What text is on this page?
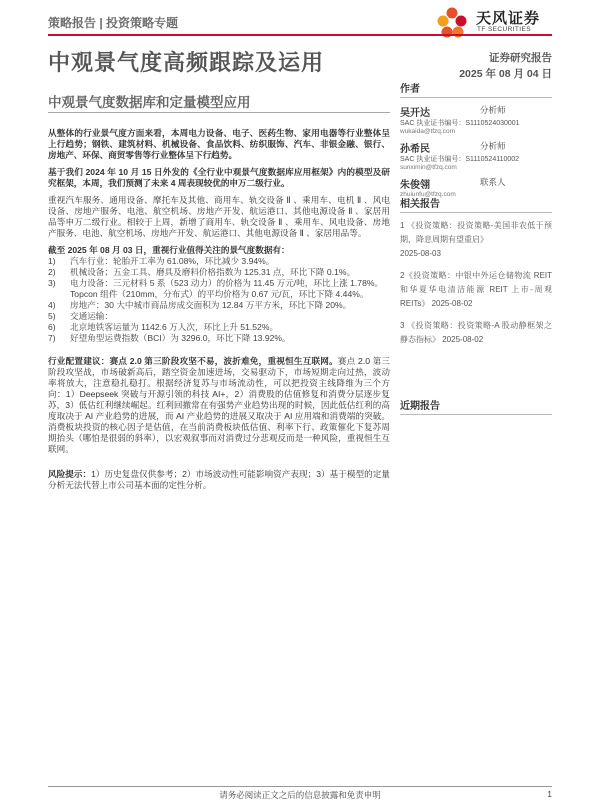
策略报告 | 投资策略专题	天风证券
TF SECURITIES
中观景气度高频跟踪及运用
中观景气度数据库和定量模型应用
证券研究报告
2025 年 08 月 04 日
作者
吴开达	分析师
SAC 执业证书编号：S1110524030001
wukaida@tfzq.com
孙希民	分析师
SAC 执业证书编号：S1110524110002
sunximin@tfzq.com
朱俊翎	联系人
zhuiunfu@tfzq.com
相关报告
1 《投资策略：投资策略-美国非农低于预期，降息周期有望重启》
2025-08-03
2《投资策略：中银中外运仓储物流 REIT 和华夏华电清洁能源 REIT 上市-周观 REITs》 2025-08-02
3 《投资策略：投资策略-A 股动静框架之静态指标》 2025-08-02
近期报告

从整体的行业景气度方面来看，本周电力设备、电子、医药生物、家用电器等行业整体呈上行趋势；钢铁、建筑材料、机械设备、食品饮料、纺织服饰、汽车、非银金融、银行、房地产、环保、商贸零售等行业整体呈下行趋势。

基于我们 2024 年 10 月 15 日外发的《全行业中观景气度数据库应用框架》内的模型及研究框架，本周，我们预测了未来 4 周表现较优的申万二级行业。

重视汽车服务、通用设备、摩托车及其他、商用车、轨交设备 Ⅱ 、乘用车、电机 Ⅱ 、风电设备、房地产服务、电池、航空机场、房地产开发、航运港口、其他电源设备 Ⅱ 、家居用品等申万二级行业。相较于上周，新增了商用车、轨交设备 Ⅱ 、乘用车、风电设备、房地产服务、电池、航空机场、房地产开发、航运港口、其他电源设备 Ⅱ 、家居用品等。

截至 2025 年 08 月 03 日，重视行业值得关注的景气度数据有：

1) 汽车行业：轮胎开工率为 61.08%，环比减少 3.94%。
2) 机械设备；五金工具、磨具及磨料价格指数为 125.31 点，环比下降 0.1%。
3) 电力设备：三元材料 5 系（523 动力）的价格为 11.45 万元/吨，环比上涨 1.78%。Topcon 组件（210mm，分布式）的平均价格为 0.67 元/瓦，环比下降 4.44%。
4) 房地产：30 大中城市商品房成交面积为 12.84 万平方米，环比下降 20%。
5) 交通运输：
6) 北京地铁客运量为 1142.6 万人次，环比上升 51.52%。
7) 好望角型运费指数（BCI）为 3296.0，环比下降 13.92%。

行业配置建议：赛点 2.0 第三阶段攻坚不易，波折难免，重视恒生互联网。赛点 2.0 第三阶段攻坚战，市场破新高后，踏空资金加速进场，交易驱动下，市场短期走向过热，波动率将放大，注意稳扎稳打。根据经济复苏与市场流动性，可以把投资主线降维为三个方向：1）Deepseek 突破与开源引领的科技 AI+，2）消费股的估值修复和消费分层逐步复苏，3）低估红利继续崛起。红利回撤常在有强势产业趋势出现的时候，因此低估红利的高度取决于 AI 产业趋势的进展，而 AI 产业趋势的进展又取决于 AI 应用端和消费端的突破。消费板块投资的核心因子是估值，在当前消费板块低估值、利率下行、政策催化下复苏周期抬头（哪怕是很弱的斜率），以宏观叙事而对消费过分悲观反而是一种风险，重视恒生互联网。

风险提示：1）历史复盘仅供参考；2）市场波动性可能影响资产表现；3）基于模型的定量分析无法代替上市公司基本面的定性分析。

请务必阅读正文之后的信息披露和免责申明	1
